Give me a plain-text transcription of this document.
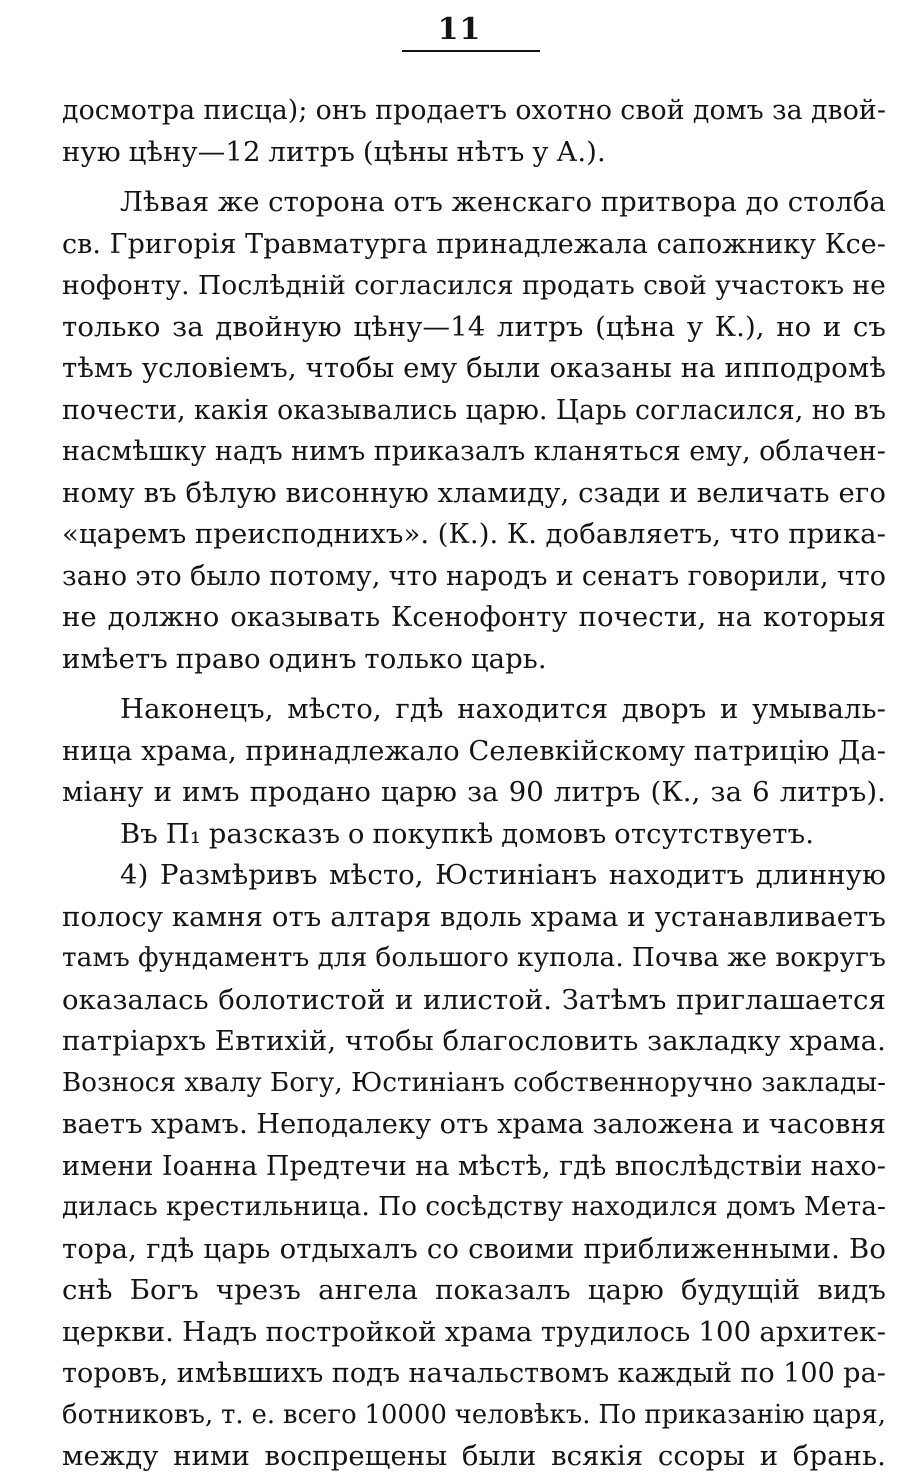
11

досмотра писца); онъ продаетъ охотно свой домъ за двой-
ную цѣну—12 литръ (цѣны нѣтъ у А.).

Лѣвая же сторона отъ женскаго притвора до столба
св. Григорія Травматурга принадлежала сапожнику Ксе-
нофонту. Послѣдній согласился продать свой участокъ не
только за двойную цѣну—14 литръ (цѣна у К.), но и съ
тѣмъ условіемъ, чтобы ему были оказаны на ипподромѣ
почести, какія оказывались царю. Царь согласился, но въ
насмѣшку надъ нимъ приказалъ кланяться ему, облачен-
ному въ бѣлую висонную хламиду, сзади и величать его
«царемъ преисподнихъ». (К.). К. добавляетъ, что прика-
зано это было потому, что народъ и сенатъ говорили, что
не должно оказывать Ксенофонту почести, на которыя
имѣетъ право одинъ только царь.

Наконецъ, мѣсто, гдѣ находится дворъ и умываль-
ница храма, принадлежало Селевкійскому патрицію Да-
міану и имъ продано царю за 90 литръ (К., за 6 литръ).

Въ П₁ разсказъ о покупкѣ домовъ отсутствуетъ.

4) Размѣривъ мѣсто, Юстиніанъ находитъ длинную
полосу камня отъ алтаря вдоль храма и устанавливаетъ
тамъ фундаментъ для большого купола. Почва же вокругъ
оказалась болотистой и илистой. Затѣмъ приглашается
патріархъ Евтихій, чтобы благословить закладку храма.
Вознося хвалу Богу, Юстиніанъ собственноручно заклады-
ваетъ храмъ. Неподалеку отъ храма заложена и часовня
имени Іоанна Предтечи на мѣстѣ, гдѣ впослѣдствіи нахо-
дилась крестильница. По сосѣдству находился домъ Мета-
тора, гдѣ царь отдыхалъ со своими приближенными. Во
снѣ Богъ чрезъ ангела показалъ царю будущій видъ
церкви. Надъ постройкой храма трудилось 100 архитек-
торовъ, имѣвшихъ подъ начальствомъ каждый по 100 ра-
ботниковъ, т. е. всего 10000 человѣкъ. По приказанію царя,
между ними воспрещены были всякія ссоры и брань.
